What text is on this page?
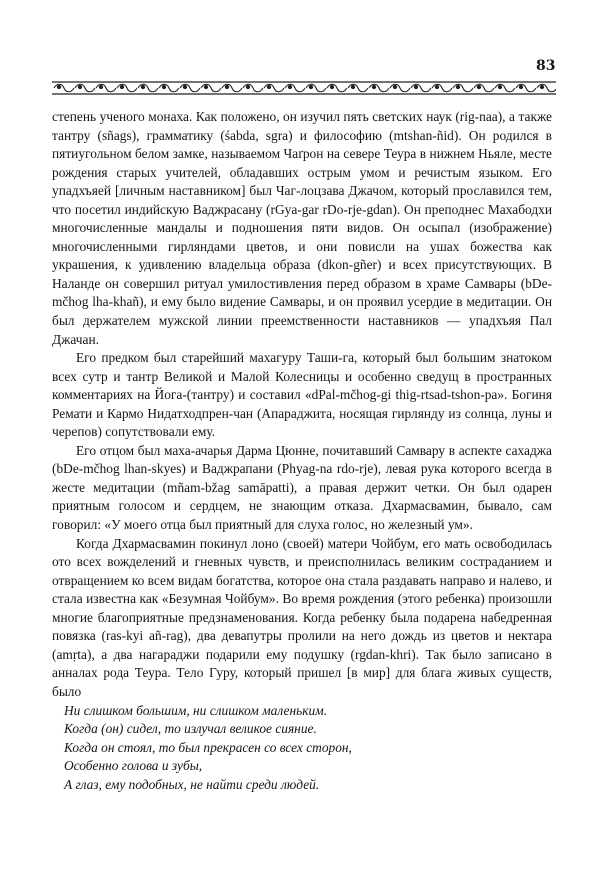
83

степень ученого монаха. Как положено, он изучил пять светских наук (rig-naa), а также тантру (sñags), грамматику (śabda, sgra) и философию (mtshan-ñid). Он родился в пятиугольном белом замке, называемом Чаґрон на севере Теура в нижнем Ньяле, месте рождения старых учителей, обладавших острым умом и речистым языком. Его упадхъяей [личным наставником] был Чаг-лоцзава Джачом, который прославился тем, что посетил индийскую Ваджрасану (rGya-gar rDo-rje-gdan). Он преподнес Махабодхи многочисленные мандалы и подношения пяти видов. Он осыпал (изображение) многочисленными гирляндами цветов, и они повисли на ушах божества как украшения, к удивлению владельца образа (dkon-gñer) и всех присутствующих. В Наланде он совершил ритуал умилостивления перед образом в храме Самвары (bDe-mčhog lha-khañ), и ему было видение Самвары, и он проявил усердие в медитации. Он был держателем мужской линии преемственности наставников — упадхъяя Пал Джачан.

Его предком был старейший махагуру Таши-га, который был большим знатоком всех сутр и тантр Великой и Малой Колесницы и особенно сведущ в пространных комментариях на Йога-(тантру) и составил «dPal-mčhog-gi thig-rtsad-tshon-pa». Богиня Ремати и Кармо Нидатходпрен-чан (Апараджита, носящая гирлянду из солнца, луны и черепов) сопутствовали ему.

Его отцом был маха-ачарья Дарма Цюнне, почитавший Самвару в аспекте сахаджа (bDe-mčhog lhan-skyes) и Ваджрапани (Phyag-na rdo-rje), левая рука которого всегда в жесте медитации (mñam-bžag samāpatti), а правая держит четки. Он был одарен приятным голосом и сердцем, не знающим отказа. Дхармасвамин, бывало, сам говорил: «У моего отца был приятный для слуха голос, но железный ум».

Когда Дхармасвамин покинул лоно (своей) матери Чойбум, его мать освободилась ото всех вожделений и гневных чувств, и преисполнилась великим состраданием и отвращением ко всем видам богатства, которое она стала раздавать направо и налево, и стала известна как «Безумная Чойбум». Во время рождения (этого ребенка) произошли многие благоприятные предзнаменования. Когда ребенку была подарена набедренная повязка (ras-kyi añ-rag), два девапутры пролили на него дождь из цветов и нектара (amṛta), а два нагараджи подарили ему подушку (rgdan-khri). Так было записано в анналах рода Теура. Тело Гуру, который пришел [в мир] для блага живых существ, было

Ни слишком большим, ни слишком маленьким.
Когда (он) сидел, то излучал великое сияние.
Когда он стоял, то был прекрасен со всех сторон,
Особенно голова и зубы,
А глаз, ему подобных, не найти среди людей.
